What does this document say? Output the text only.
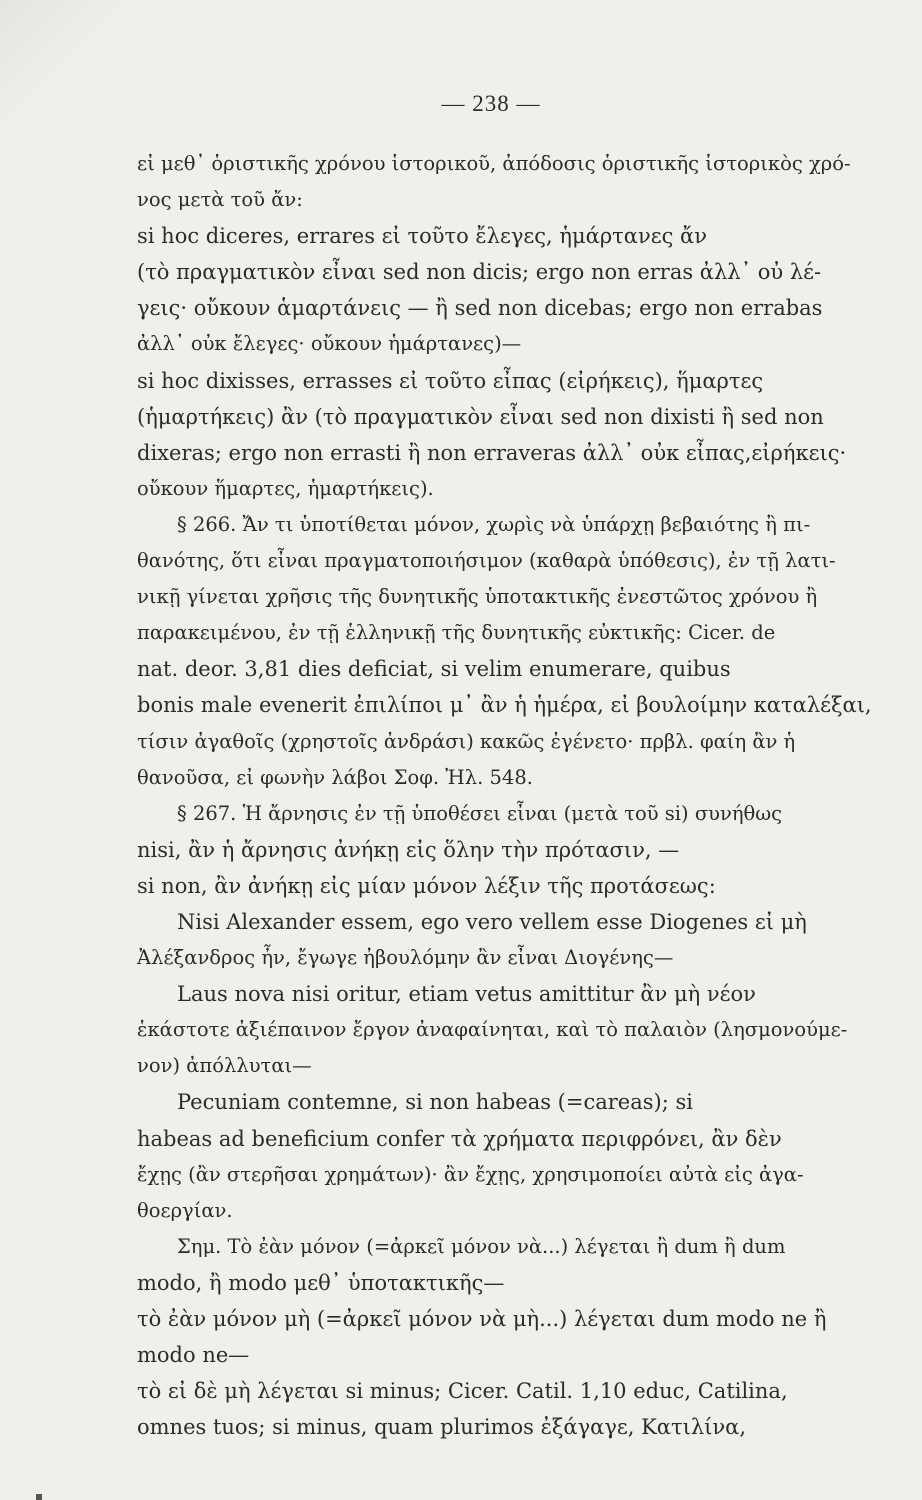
— 238 —
εἰ μεθ᾽ ὁριστικῆς χρόνου ἱστορικοῦ, ἀπόδοσις ὁριστικῆς ἱστορικὸς χρό-
νος μετὰ τοῦ ἄν:
si hoc diceres, errares εἰ τοῦτο ἔλεγες, ἡμάρτανες ἄν
(τὸ πραγματικὸν εἶναι sed non dicis; ergo non erras ἀλλ᾽ οὐ λέ-
γεις· οὔκουν ἁμαρτάνεις — ἢ sed non dicebas; ergo non errabas
ἀλλ᾽ οὐκ ἔλεγες· οὔκουν ἡμάρτανες)—
si hoc dixisses, errasses εἰ τοῦτο εἶπας (εἰρήκεις), ἥμαρτες
(ἡμαρτήκεις) ἂν (τὸ πραγματικὸν εἶναι sed non dixisti ἢ sed non
dixeras; ergo non errasti ἢ non erraveras ἀλλ᾽ οὐκ εἶπας,εἰρήκεις·
οὔκουν ἥμαρτες, ἡμαρτήκεις).
§ 266. Ἄν τι ὑποτίθεται μόνον, χωρὶς νὰ ὑπάρχῃ βεβαιότης ἢ πι-
θανότης, ὅτι εἶναι πραγματοποιήσιμον (καθαρὰ ὑπόθεσις), ἐν τῇ λατι-
νικῇ γίνεται χρῆσις τῆς δυνητικῆς ὑποτακτικῆς ἐνεστῶτος χρόνου ἢ
παρακειμένου, ἐν τῇ ἑλληνικῇ τῆς δυνητικῆς εὐκτικῆς: Cicer. de
nat. deor. 3,81 dies deficiat, si velim enumerare, quibus
bonis male evenerit ἐπιλίποι μ᾽ ἂν ἡ ἡμέρα, εἰ βουλοίμην καταλέξαι,
τίσιν ἀγαθοῖς (χρηστοῖς ἀνδράσι) κακῶς ἐγένετο· πρβλ. φαίη ἂν ἡ
θανοῦσα, εἰ φωνὴν λάβοι Σοφ. Ἠλ. 548.
§ 267. Ἡ ἄρνησις ἐν τῇ ὑποθέσει εἶναι (μετὰ τοῦ si) συνήθως
nisi, ἂν ἡ ἄρνησις ἀνήκῃ εἰς ὅλην τὴν πρότασιν, —
si non, ἂν ἀνήκῃ εἰς μίαν μόνον λέξιν τῆς προτάσεως:
Nisi Alexander essem, ego vero vellem esse Diogenes εἰ μὴ
Ἀλέξανδρος ἦν, ἔγωγε ἠβουλόμην ἂν εἶναι Διογένης—
Laus nova nisi oritur, etiam vetus amittitur ἂν μὴ νέον
ἑκάστοτε ἀξιέπαινον ἔργον ἀναφαίνηται, καὶ τὸ παλαιὸν (λησμονούμε-
νον) ἀπόλλυται—
Pecuniam contemne, si non habeas (=careas); si
habeas ad beneficium confer τὰ χρήματα περιφρόνει, ἂν δὲν
ἔχῃς (ἂν στερῆσαι χρημάτων)· ἂν ἔχῃς, χρησιμοποίει αὐτὰ εἰς ἀγα-
θοεργίαν.
Σημ. Τὸ ἐὰν μόνον (=ἀρκεῖ μόνον νὰ...) λέγεται ἢ dum ἢ dum
modo, ἢ modo μεθ᾽ ὑποτακτικῆς—
τὸ ἐὰν μόνον μὴ (=ἀρκεῖ μόνον νὰ μὴ...) λέγεται dum modo ne ἢ
modo ne—
τὸ εἰ δὲ μὴ λέγεται si minus; Cicer. Catil. 1,10 educ, Catilina,
omnes tuos; si minus, quam plurimos ἐξάγαγε, Κατιλίνα,
